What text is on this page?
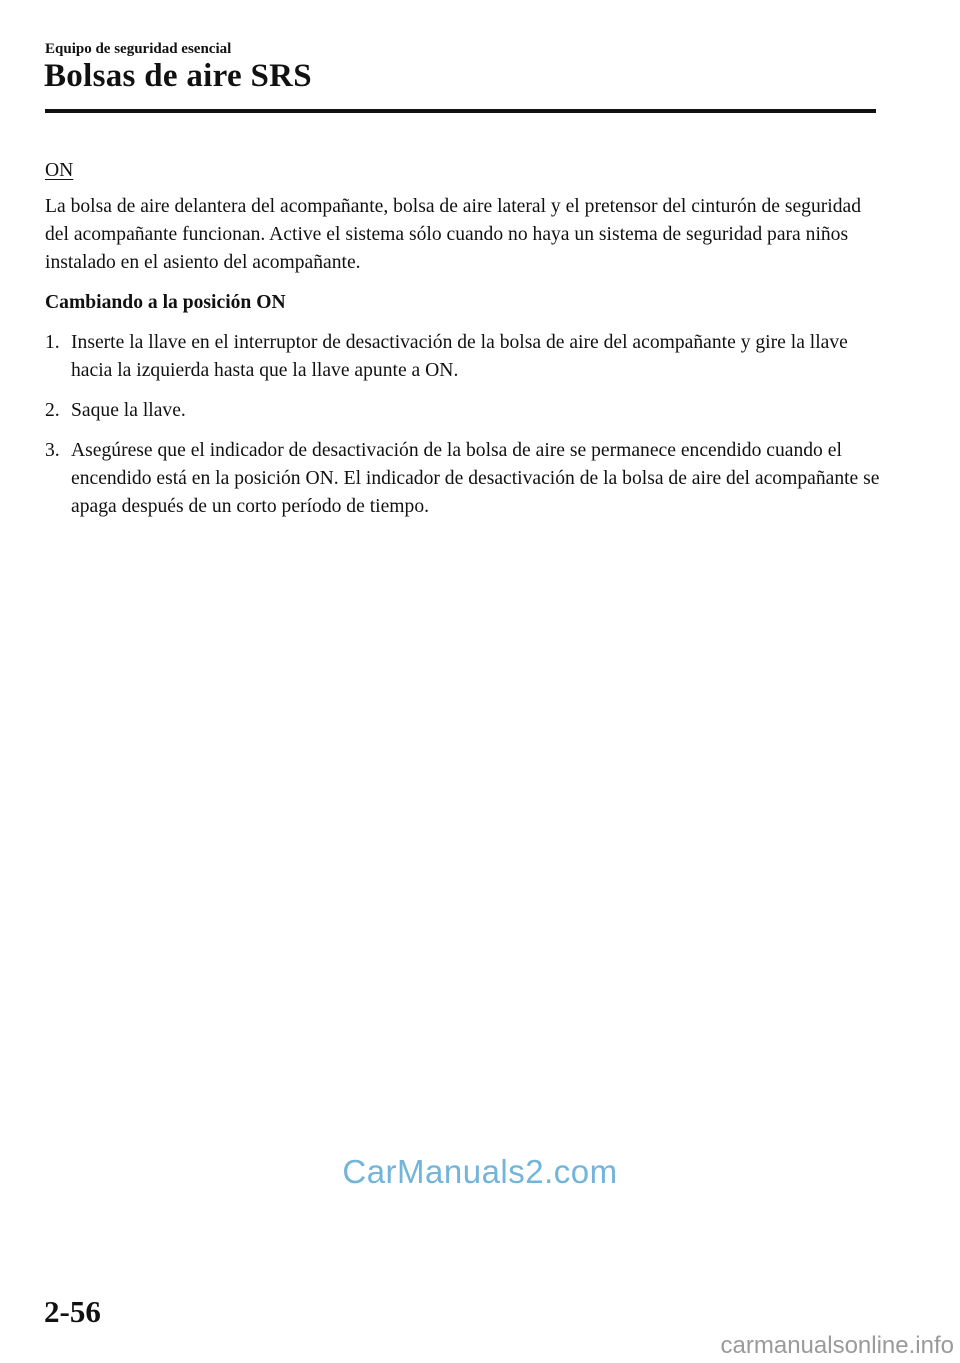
Equipo de seguridad esencial
Bolsas de aire SRS

ON

La bolsa de aire delantera del acompañante, bolsa de aire lateral y el pretensor del cinturón de seguridad del acompañante funcionan. Active el sistema sólo cuando no haya un sistema de seguridad para niños instalado en el asiento del acompañante.

Cambiando a la posición ON

1. Inserte la llave en el interruptor de desactivación de la bolsa de aire del acompañante y gire la llave hacia la izquierda hasta que la llave apunte a ON.
2. Saque la llave.
3. Asegúrese que el indicador de desactivación de la bolsa de aire se permanece encendido cuando el encendido está en la posición ON. El indicador de desactivación de la bolsa de aire del acompañante se apaga después de un corto período de tiempo.
CarManuals2.com
2-56
carmanualsonline.info
